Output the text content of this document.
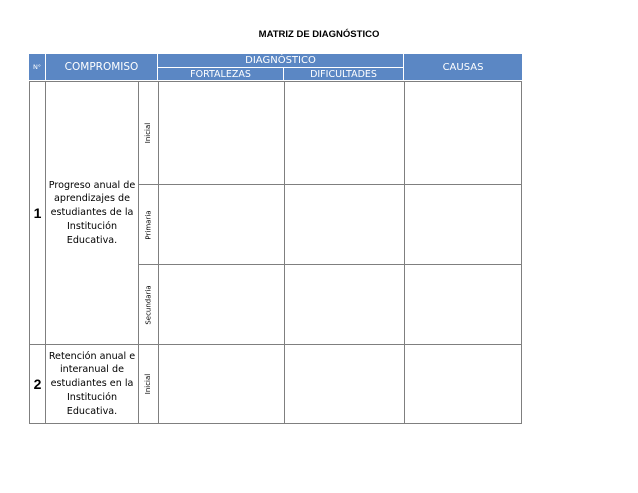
MATRIZ DE DIAGNÓSTICO
N° COMPROMISO
DIAGNÓSTICO
FORTALEZAS	DIFICULTADES
CAUSAS
1
Progreso anual de aprendizajes de estudiantes de la Institución Educativa.
Inicial
Primaria
Secundaria
2
Retención anual e interanual de estudiantes en la Institución Educativa.
Inicial
